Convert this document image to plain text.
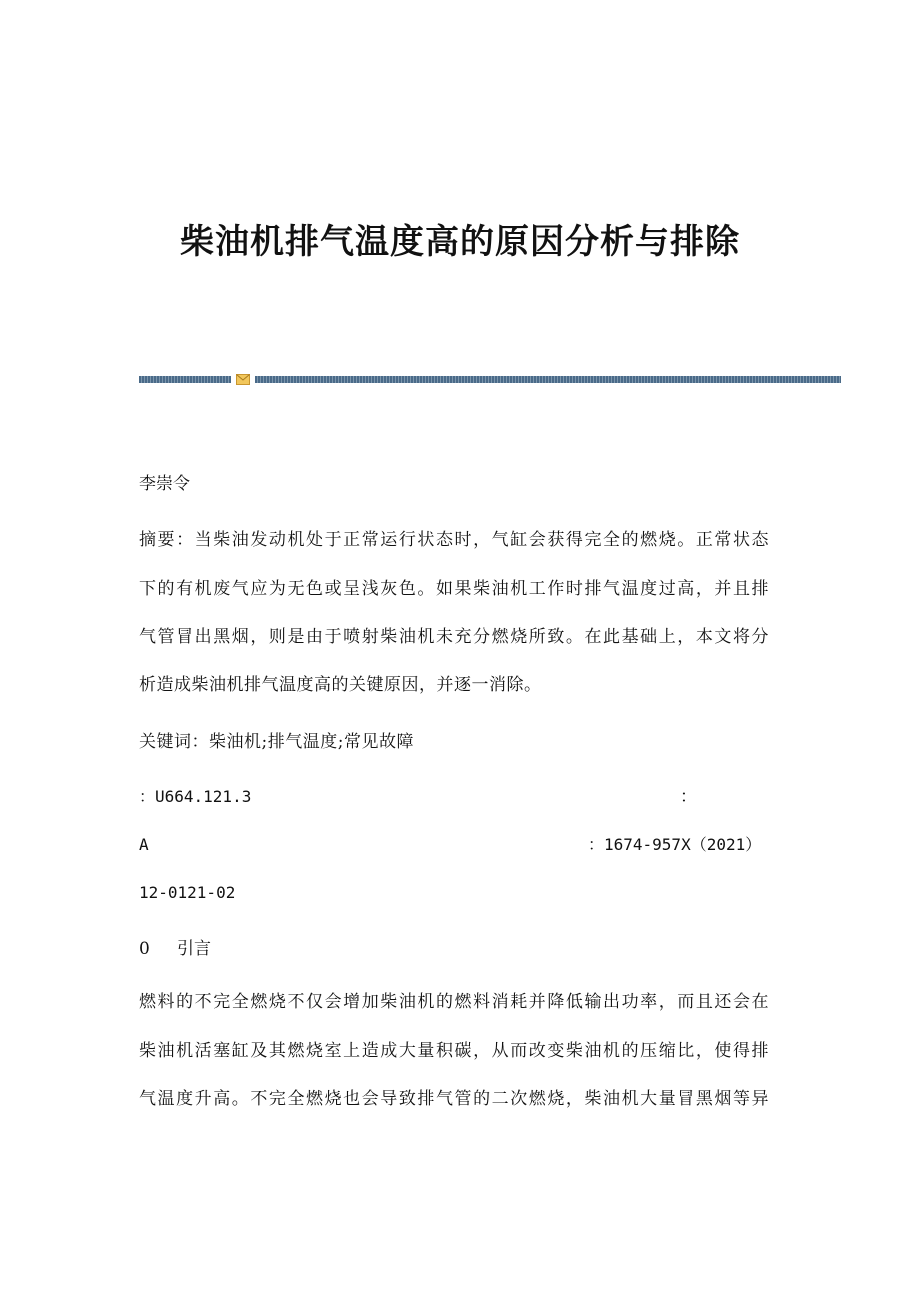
柴油机排气温度高的原因分析与排除
李崇令
摘要：当柴油发动机处于正常运行状态时，气缸会获得完全的燃烧。正常状态
下的有机废气应为无色或呈浅灰色。如果柴油机工作时排气温度过高，并且排
气管冒出黑烟，则是由于喷射柴油机未充分燃烧所致。在此基础上，本文将分
析造成柴油机排气温度高的关键原因，并逐一消除。
关键词：柴油机;排气温度;常见故障
：U664.121.3	：
A	：1674-957X（2021）
12-0121-02
0 引言
燃料的不完全燃烧不仅会增加柴油机的燃料消耗并降低输出功率，而且还会在
柴油机活塞缸及其燃烧室上造成大量积碳，从而改变柴油机的压缩比，使得排
气温度升高。不完全燃烧也会导致排气管的二次燃烧，柴油机大量冒黑烟等异
